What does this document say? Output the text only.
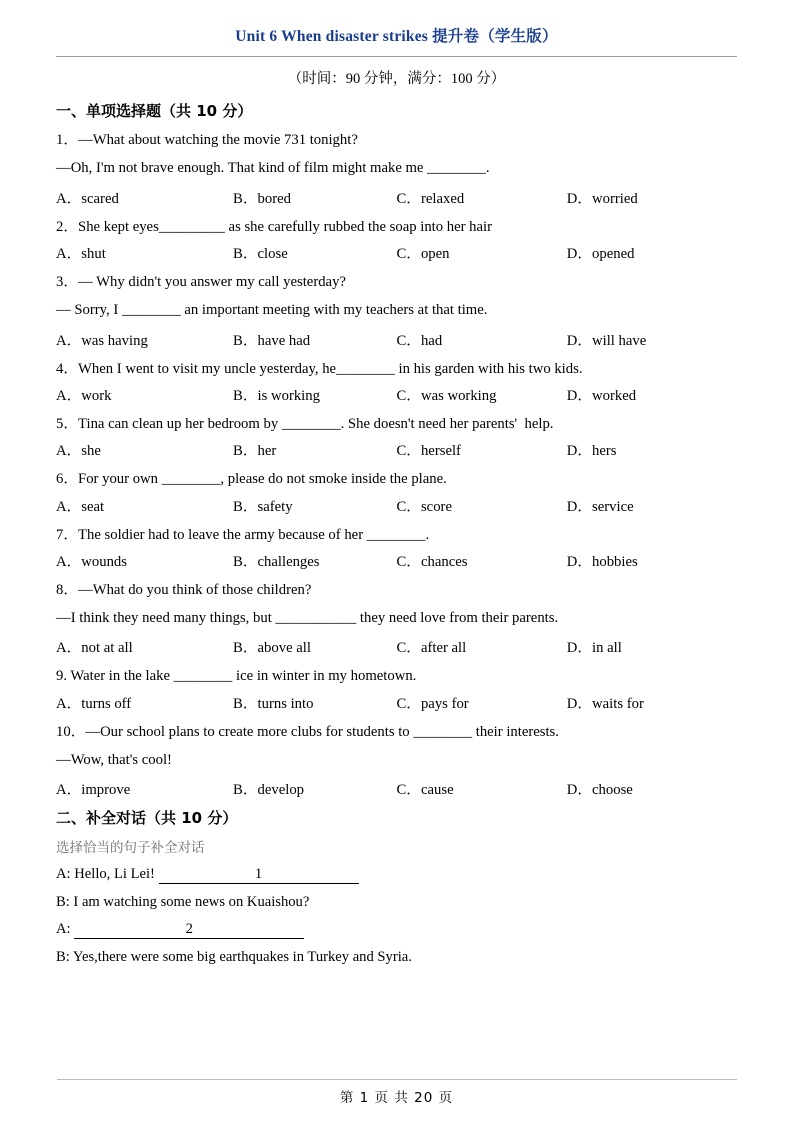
Unit 6 When disaster strikes 提升卷（学生版）
（时间：90 分钟，满分：100 分）
一、单项选择题（共 10 分）
1．—What about watching the movie 731 tonight?
—Oh, I'm not brave enough. That kind of film might make me ________.
A．scared	B．bored	C．relaxed	D．worried
2．She kept eyes_________ as she carefully rubbed the soap into her hair
A．shut	B．close	C．open	D．opened
3．— Why didn't you answer my call yesterday?
— Sorry, I ________ an important meeting with my teachers at that time.
A．was having	B．have had	C．had	D．will have
4．When I went to visit my uncle yesterday, he________ in his garden with his two kids.
A．work	B．is working	C．was working	D．worked
5．Tina can clean up her bedroom by ________. She doesn't need her parents'  help.
A．she	B．her	C．herself	D．hers
6．For your own ________, please do not smoke inside the plane.
A．seat	B．safety	C．score	D．service
7．The soldier had to leave the army because of her ________.
A．wounds	B．challenges	C．chances	D．hobbies
8．—What do you think of those children?
—I think they need many things, but ___________ they need love from their parents.
A．not at all	B．above all	C．after all	D．in all
9. Water in the lake ________ ice in winter in my hometown.
A．turns off	B．turns into	C．pays for	D．waits for
10．—Our school plans to create more clubs for students to ________ their interests.
—Wow, that's cool!
A．improve	B．develop	C．cause	D．choose
二、补全对话（共 10 分）
选择恰当的句子补全对话
A: Hello, Li Lei!	1
B: I am watching some news on Kuaishou?
A:	2
B: Yes,there were some big earthquakes in Turkey and Syria.
第 1 页 共 20 页
